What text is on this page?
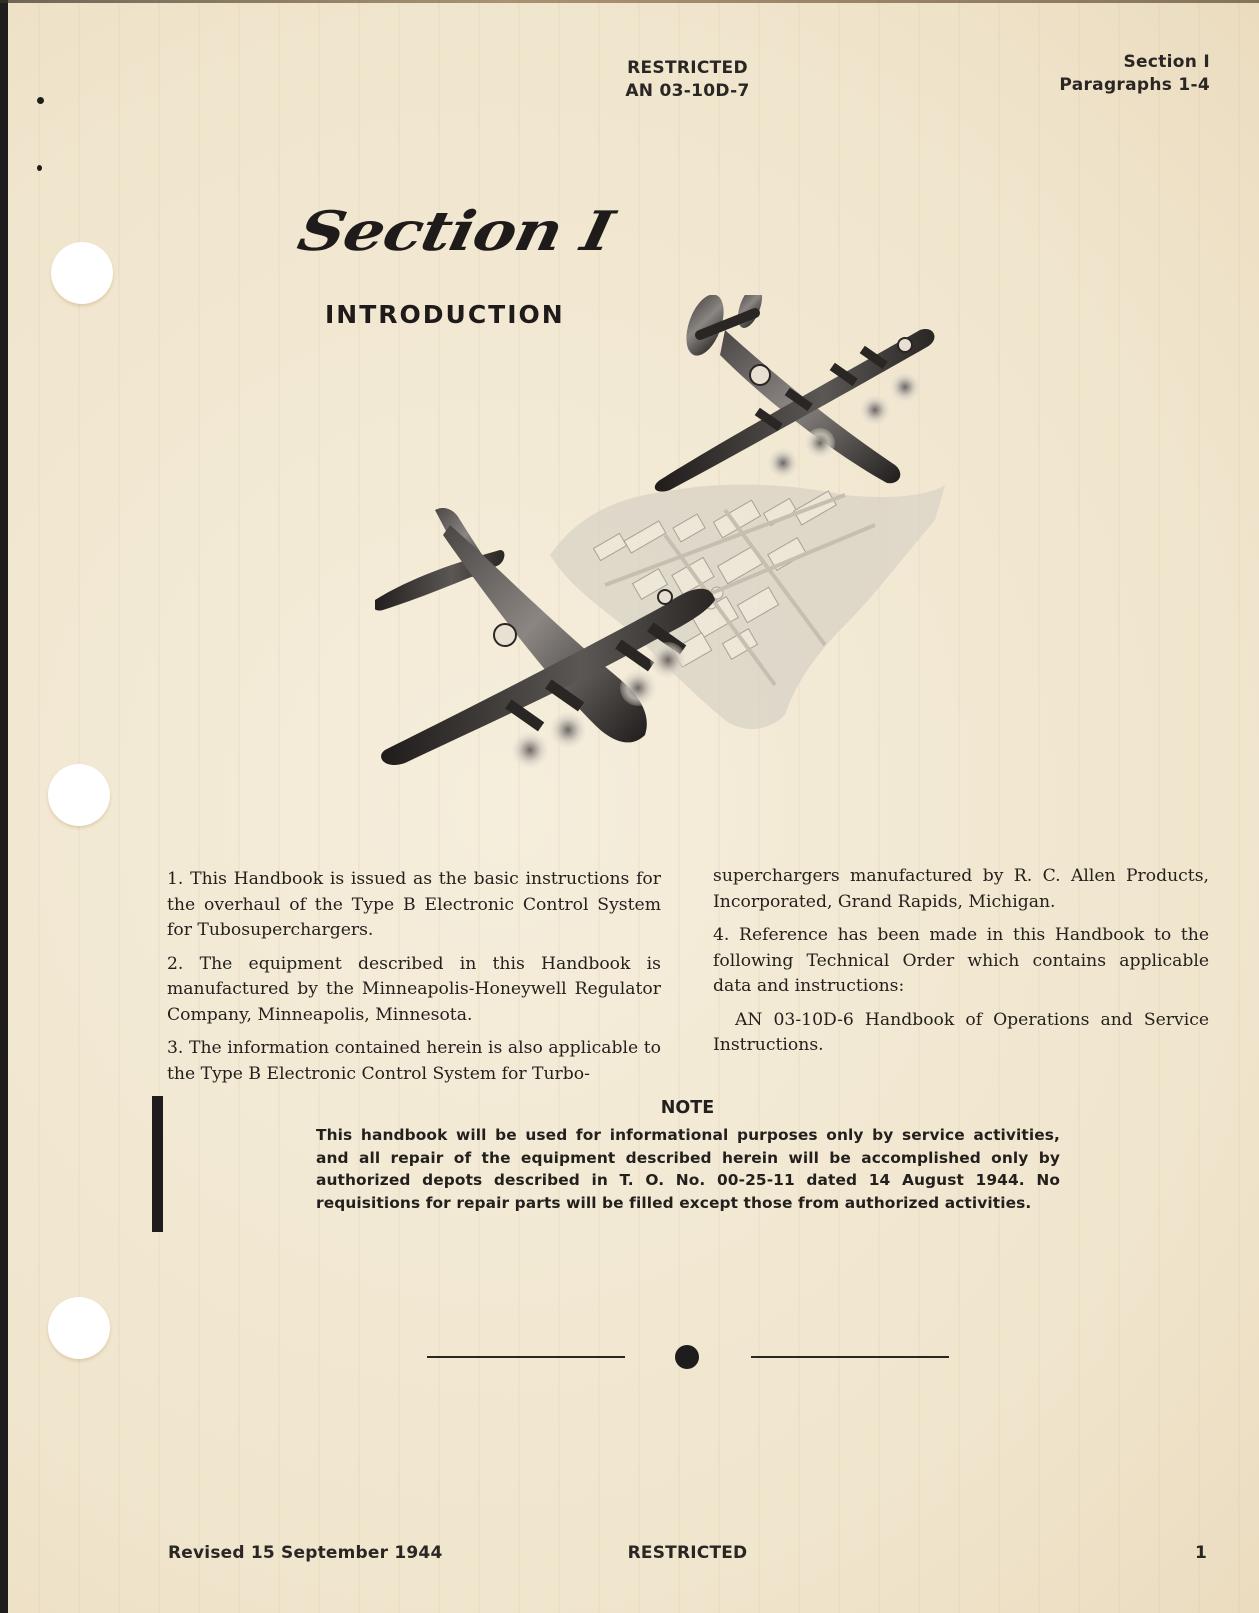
RESTRICTED
AN 03-10D-7
Section I
Paragraphs 1-4
Section I
INTRODUCTION

1. This Handbook is issued as the basic instructions for the overhaul of the Type B Electronic Control System for Tubosuperchargers.

2. The equipment described in this Handbook is manufactured by the Minneapolis-Honeywell Regulator Company, Minneapolis, Minnesota.

3. The information contained herein is also applicable to the Type B Electronic Control System for Turbo-

superchargers manufactured by R. C. Allen Products, Incorporated, Grand Rapids, Michigan.

4. Reference has been made in this Handbook to the following Technical Order which contains applicable data and instructions:

AN 03-10D-6 Handbook of Operations and Service Instructions.

NOTE
This handbook will be used for informational purposes only by service activities, and all repair of the equipment described herein will be accomplished only by authorized depots described in T. O. No. 00-25-11 dated 14 August 1944. No requisitions for repair parts will be filled except those from authorized activities.
Revised 15 September 1944	RESTRICTED	1
